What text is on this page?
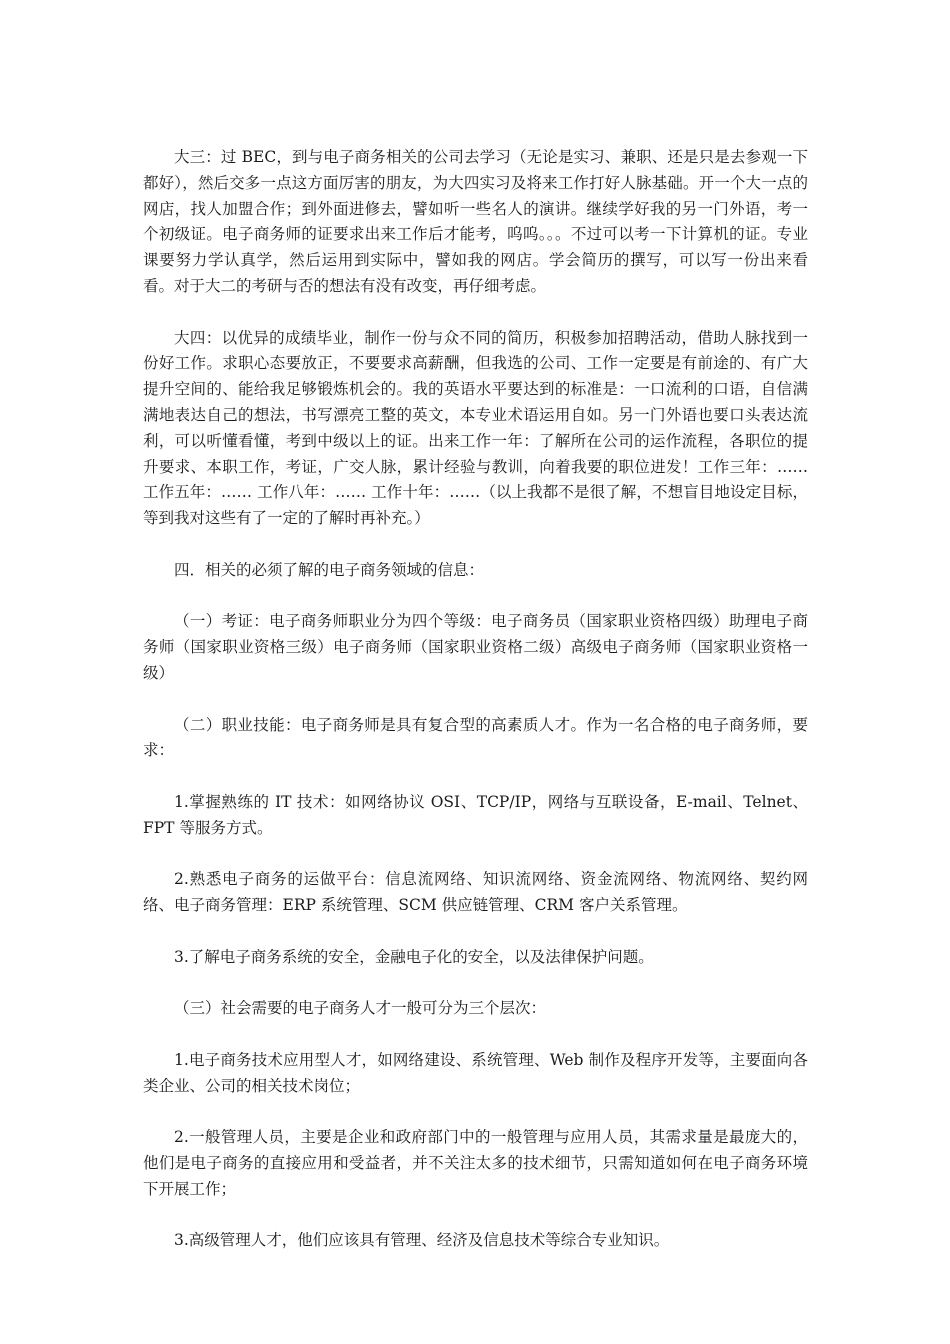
大三：过 BEC，到与电子商务相关的公司去学习（无论是实习、兼职、还是只是去参观一下都好），然后交多一点这方面厉害的朋友，为大四实习及将来工作打好人脉基础。开一个大一点的网店，找人加盟合作；到外面进修去，譬如听一些名人的演讲。继续学好我的另一门外语，考一个初级证。电子商务师的证要求出来工作后才能考，呜呜。。。不过可以考一下计算机的证。专业课要努力学认真学，然后运用到实际中，譬如我的网店。学会简历的撰写，可以写一份出来看看。对于大二的考研与否的想法有没有改变，再仔细考虑。

大四：以优异的成绩毕业，制作一份与众不同的简历，积极参加招聘活动，借助人脉找到一份好工作。求职心态要放正，不要要求高薪酬，但我选的公司、工作一定要是有前途的、有广大提升空间的、能给我足够锻炼机会的。我的英语水平要达到的标准是：一口流利的口语，自信满满地表达自己的想法，书写漂亮工整的英文，本专业术语运用自如。另一门外语也要口头表达流利，可以听懂看懂，考到中级以上的证。出来工作一年：了解所在公司的运作流程，各职位的提升要求、本职工作，考证，广交人脉，累计经验与教训，向着我要的职位进发！工作三年：…… 工作五年：…… 工作八年：…… 工作十年：……（以上我都不是很了解，不想盲目地设定目标，等到我对这些有了一定的了解时再补充。）

四．相关的必须了解的电子商务领域的信息：

（一）考证：电子商务师职业分为四个等级：电子商务员（国家职业资格四级）助理电子商务师（国家职业资格三级）电子商务师（国家职业资格二级）高级电子商务师（国家职业资格一级）

（二）职业技能：电子商务师是具有复合型的高素质人才。作为一名合格的电子商务师，要求：

1.掌握熟练的 IT 技术：如网络协议 OSI、TCP/IP，网络与互联设备，E-mail、Telnet、FPT 等服务方式。

2.熟悉电子商务的运做平台：信息流网络、知识流网络、资金流网络、物流网络、契约网络、电子商务管理：ERP 系统管理、SCM 供应链管理、CRM 客户关系管理。

3.了解电子商务系统的安全，金融电子化的安全，以及法律保护问题。

（三）社会需要的电子商务人才一般可分为三个层次：

1.电子商务技术应用型人才，如网络建设、系统管理、Web 制作及程序开发等，主要面向各类企业、公司的相关技术岗位；

2.一般管理人员，主要是企业和政府部门中的一般管理与应用人员，其需求量是最庞大的，他们是电子商务的直接应用和受益者，并不关注太多的技术细节，只需知道如何在电子商务环境下开展工作；

3.高级管理人才，他们应该具有管理、经济及信息技术等综合专业知识。
